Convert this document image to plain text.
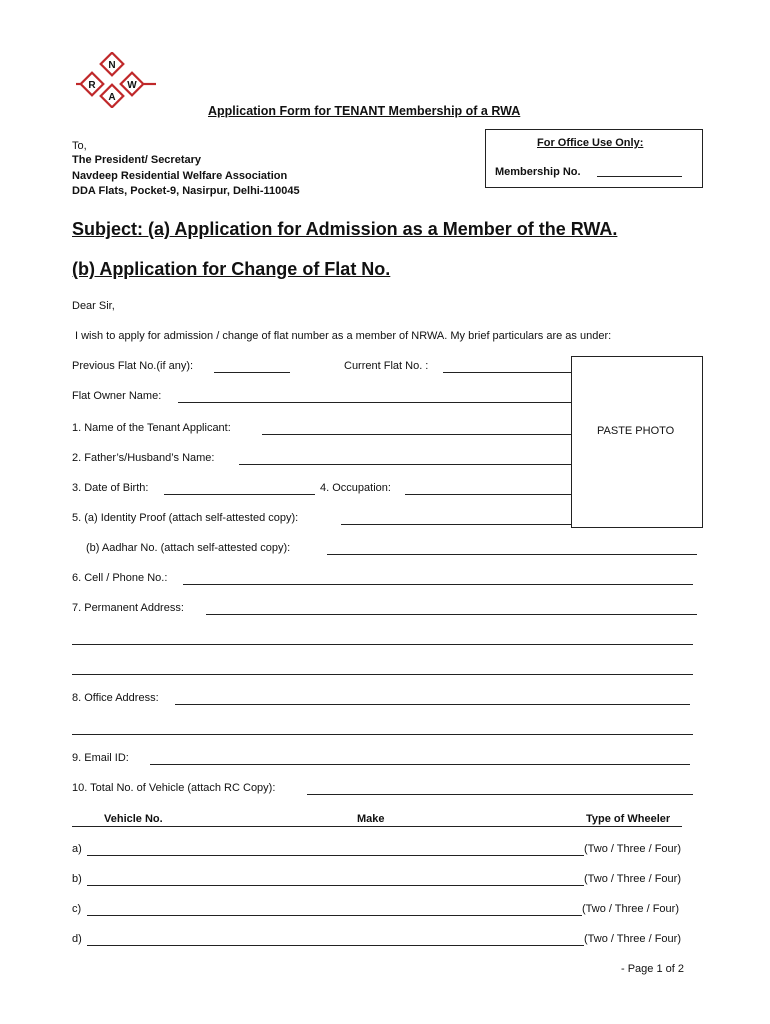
N
R	W
A
Application Form for TENANT Membership of a RWA
To,
The President/ Secretary
Navdeep Residential Welfare Association
DDA Flats, Pocket-9, Nasirpur, Delhi-110045
For Office Use Only:
Membership No.
Subject: (a) Application for Admission as a Member of the RWA.
(b) Application for Change of Flat No.
Dear Sir,
I wish to apply for admission / change of flat number as a member of NRWA. My brief particulars are as under:
PASTE PHOTO
Previous Flat No.(if any):	Current Flat No. :
Flat Owner Name:
1. Name of the Tenant Applicant:
2. Father’s/Husband’s Name:
3. Date of Birth:	4. Occupation:
5. (a) Identity Proof (attach self-attested copy):
(b) Aadhar No. (attach self-attested copy):
6. Cell / Phone No.:
7. Permanent Address:
8. Office Address:
9. Email ID:
10. Total No. of Vehicle (attach RC Copy):
Vehicle No.	Make	Type of Wheeler
a)	(Two / Three / Four)
b)	(Two / Three / Four)
c)	(Two / Three / Four)
d)	(Two / Three / Four)
- Page 1 of 2
